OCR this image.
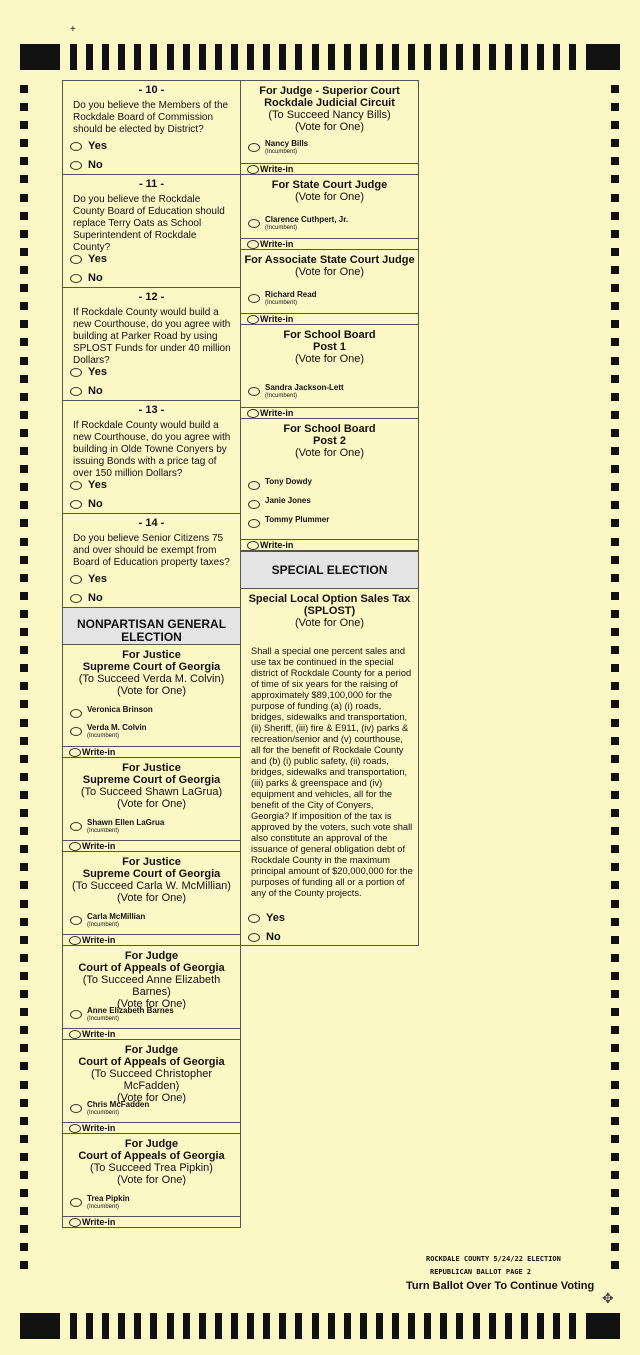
+
- 10 -
Do you believe the Members of the Rockdale Board of Commission should be elected by District?
Yes
No
- 11 -
Do you believe the Rockdale County Board of Education should replace Terry Oats as School Superintendent of Rockdale County?
Yes
No
- 12 -
If Rockdale County would build a new Courthouse, do you agree with building at Parker Road by using SPLOST Funds for under 40 million Dollars?
Yes
No
- 13 -
If Rockdale County would build a new Courthouse, do you agree with building in Olde Towne Conyers by issuing Bonds with a price tag of over 150 million Dollars?
Yes
No
- 14 -
Do you believe Senior Citizens 75 and over should be exempt from Board of Education property taxes?
Yes
No
NONPARTISAN GENERAL ELECTION
For Justice
Supreme Court of Georgia
(To Succeed Verda M. Colvin)
(Vote for One)
Veronica Brinson
Verda M. Colvin
(Incumbent)
Write-in
For Justice
Supreme Court of Georgia
(To Succeed Shawn LaGrua)
(Vote for One)
Shawn Ellen LaGrua
(Incumbent)
Write-in
For Justice
Supreme Court of Georgia
(To Succeed Carla W. McMillian)
(Vote for One)
Carla McMillian
(Incumbent)
Write-in
For Judge
Court of Appeals of Georgia
(To Succeed Anne Elizabeth Barnes)
(Vote for One)
Anne Elizabeth Barnes
(Incumbent)
Write-in
For Judge
Court of Appeals of Georgia
(To Succeed Christopher McFadden)
(Vote for One)
Chris McFadden
(Incumbent)
Write-in
For Judge
Court of Appeals of Georgia
(To Succeed Trea Pipkin)
(Vote for One)
Trea Pipkin
(Incumbent)
Write-in
For Judge - Superior Court
Rockdale Judicial Circuit
(To Succeed Nancy Bills)
(Vote for One)
Nancy Bills
(Incumbent)
Write-in
For State Court Judge
(Vote for One)
Clarence Cuthpert, Jr.
(Incumbent)
Write-in
For Associate State Court Judge
(Vote for One)
Richard Read
(Incumbent)
Write-in
For School Board
Post 1
(Vote for One)
Sandra Jackson-Lett
(Incumbent)
Write-in
For School Board
Post 2
(Vote for One)
Tony Dowdy
Janie Jones
Tommy Plummer
Write-in
SPECIAL ELECTION
Special Local Option Sales Tax
(SPLOST)
(Vote for One)
Shall a special one percent sales and use tax be continued in the special district of Rockdale County for a period of time of six years for the raising of approximately $89,100,000 for the purpose of funding (a) (i) roads, bridges, sidewalks and transportation, (ii) Sheriff, (iii) fire & E911, (iv) parks & recreation/senior and (v) courthouse, all for the benefit of Rockdale County and (b) (i) public safety, (ii) roads, bridges, sidewalks and transportation, (iii) parks & greenspace and (iv) equipment and vehicles, all for the benefit of the City of Conyers, Georgia? If imposition of the tax is approved by the voters, such vote shall also constitute an approval of the issuance of general obligation debt of Rockdale County in the maximum principal amount of $20,000,000 for the purposes of funding all or a portion of any of the County projects.
Yes
No
ROCKDALE COUNTY 5/24/22 ELECTION
REPUBLICAN BALLOT PAGE 2
Turn Ballot Over To Continue Voting
✥
